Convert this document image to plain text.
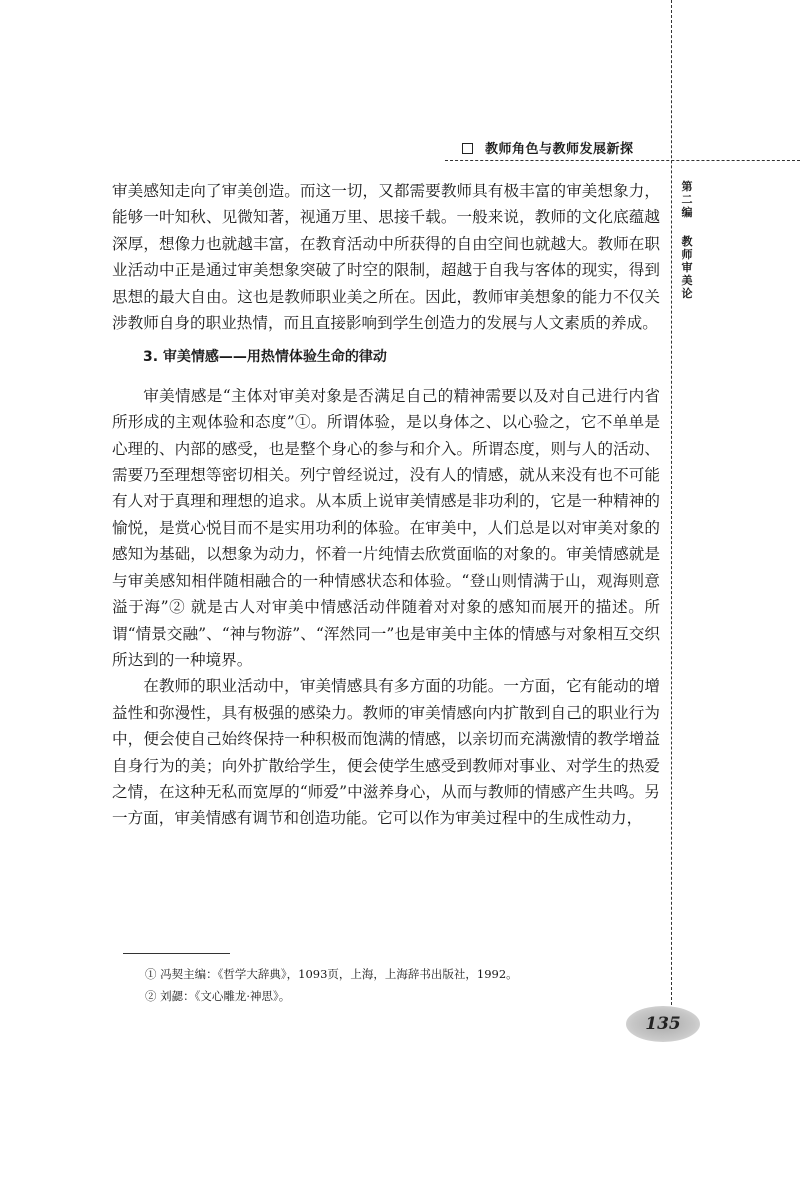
教师角色与教师发展新探
第
二
编
教
师
审
美
论

审美感知走向了审美创造。而这一切，又都需要教师具有极丰富的审美想象力，能够一叶知秋、见微知著，视通万里、思接千载。一般来说，教师的文化底蕴越深厚，想像力也就越丰富，在教育活动中所获得的自由空间也就越大。教师在职业活动中正是通过审美想象突破了时空的限制，超越于自我与客体的现实，得到思想的最大自由。这也是教师职业美之所在。因此，教师审美想象的能力不仅关涉教师自身的职业热情，而且直接影响到学生创造力的发展与人文素质的养成。

3. 审美情感——用热情体验生命的律动

审美情感是“主体对审美对象是否满足自己的精神需要以及对自己进行内省所形成的主观体验和态度”①。所谓体验，是以身体之、以心验之，它不单单是心理的、内部的感受，也是整个身心的参与和介入。所谓态度，则与人的活动、需要乃至理想等密切相关。列宁曾经说过，没有人的情感，就从来没有也不可能有人对于真理和理想的追求。从本质上说审美情感是非功利的，它是一种精神的愉悦，是赏心悦目而不是实用功利的体验。在审美中，人们总是以对审美对象的感知为基础，以想象为动力，怀着一片纯情去欣赏面临的对象的。审美情感就是与审美感知相伴随相融合的一种情感状态和体验。“登山则情满于山，观海则意溢于海”② 就是古人对审美中情感活动伴随着对对象的感知而展开的描述。所谓“情景交融”、“神与物游”、“浑然同一”也是审美中主体的情感与对象相互交织所达到的一种境界。

在教师的职业活动中，审美情感具有多方面的功能。一方面，它有能动的增益性和弥漫性，具有极强的感染力。教师的审美情感向内扩散到自己的职业行为中，便会使自己始终保持一种积极而饱满的情感，以亲切而充满激情的教学增益自身行为的美；向外扩散给学生，便会使学生感受到教师对事业、对学生的热爱之情，在这种无私而宽厚的“师爱”中滋养身心，从而与教师的情感产生共鸣。另一方面，审美情感有调节和创造功能。它可以作为审美过程中的生成性动力，

① 冯契主编：《哲学大辞典》，1093页，上海，上海辞书出版社，1992。

② 刘勰：《文心雕龙·神思》。

135
